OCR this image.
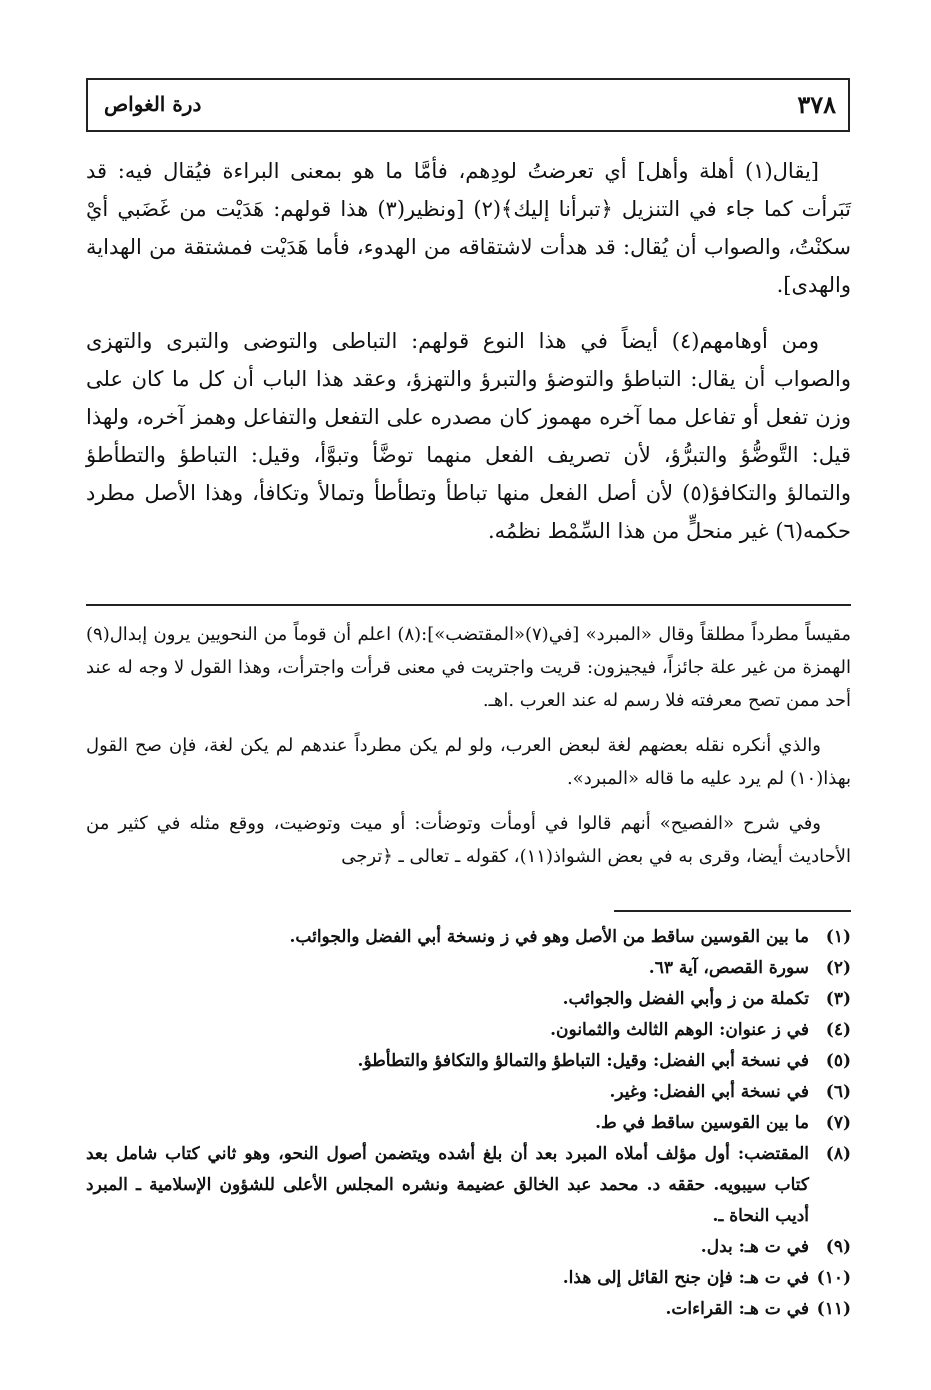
٣٧٨
درة الغواص

[يقال(١) أهلة وأهل] أي تعرضتُ لودِهم، فأمَّا ما هو بمعنى البراءة فيُقال فيه: قد تَبَرأت كما جاء في التنزيل ﴿تبرأنا إليك﴾(٢) [ونظير(٣) هذا قولهم: هَدَيْت من غَضَبي أيْ سكنْتُ، والصواب أن يُقال: قد هدأت لاشتقاقه من الهدوء، فأما هَدَيْت فمشتقة من الهداية والهدى].

ومن أوهامهم(٤) أيضاً في هذا النوع قولهم: التباطى والتوضى والتبرى والتهزى والصواب أن يقال: التباطؤ والتوضؤ والتبرؤ والتهزؤ، وعقد هذا الباب أن كل ما كان على وزن تفعل أو تفاعل مما آخره مهموز كان مصدره على التفعل والتفاعل وهمز آخره، ولهذا قيل: التَّوضُّؤ والتبرُّؤ، لأن تصريف الفعل منهما توضَّأ وتبوَّأ، وقيل: التباطؤ والتطأطؤ والتمالؤ والتكافؤ(٥) لأن أصل الفعل منها تباطأ وتطأطأ وتمالأ وتكافأ، وهذا الأصل مطرد حكمه(٦) غير منحلٍّ من هذا السِّمْط نظمُه.

مقيساً مطرداً مطلقاً وقال «المبرد» [في(٧)«المقتضب»]:(٨) اعلم أن قوماً من النحويين يرون إبدال(٩) الهمزة من غير علة جائزاً، فيجيزون: قريت واجتريت في معنى قرأت واجترأت، وهذا القول لا وجه له عند أحد ممن تصح معرفته فلا رسم له عند العرب .اهـ.

والذي أنكره نقله بعضهم لغة لبعض العرب، ولو لم يكن مطرداً عندهم لم يكن لغة، فإن صح القول بهذا(١٠) لم يرد عليه ما قاله «المبرد».

وفي شرح «الفصيح» أنهم قالوا في أومأت وتوضأت: أو ميت وتوضيت، ووقع مثله في كثير من الأحاديث أيضا، وقرى به في بعض الشواذ(١١)، كقوله ـ تعالى ـ ﴿ترجى

(١)
ما بين القوسين ساقط من الأصل وهو في ز ونسخة أبي الفضل والجوائب.
(٢)
سورة القصص، آية ٦٣.
(٣)
تكملة من ز وأبي الفضل والجوائب.
(٤)
في ز عنوان: الوهم الثالث والثمانون.
(٥)
في نسخة أبي الفضل: وقيل: التباطؤ والتمالؤ والتكافؤ والتطأطؤ.
(٦)
في نسخة أبي الفضل: وغير.
(٧)
ما بين القوسين ساقط في ط.
(٨)
المقتضب: أول مؤلف أملاه المبرد بعد أن بلغ أشده ويتضمن أصول النحو، وهو ثاني كتاب شامل بعد كتاب سيبويه. حققه د. محمد عبد الخالق عضيمة ونشره المجلس الأعلى للشؤون الإسلامية ـ المبرد أديب النحاة ـ.
(٩)
في ت هـ: بدل.
(١٠)
في ت هـ: فإن جنح القائل إلى هذا.
(١١)
في ت هـ: القراءات.
